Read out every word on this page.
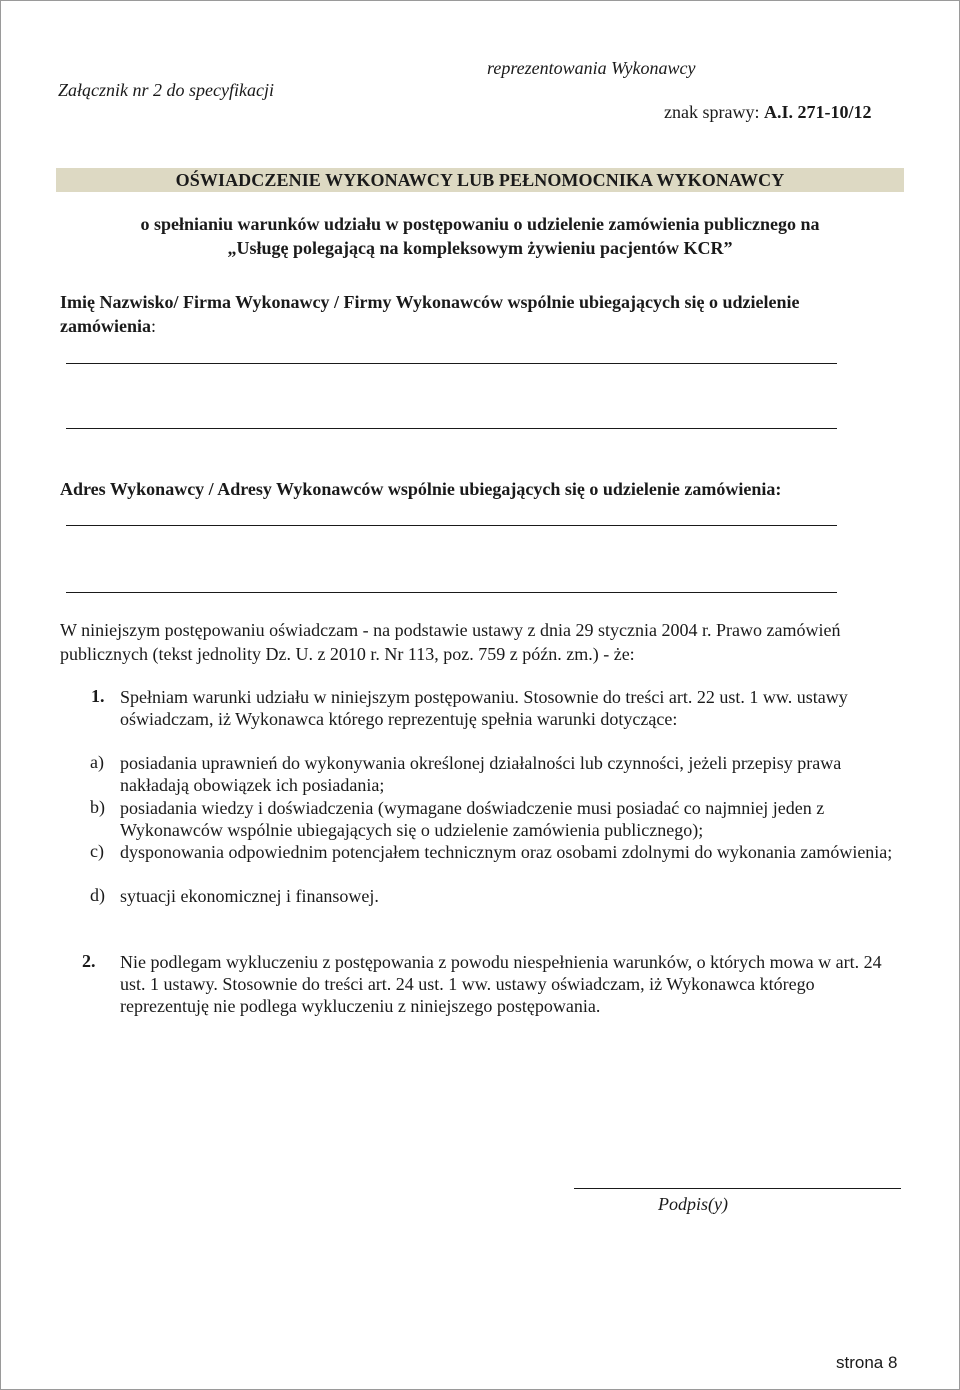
reprezentowania Wykonawcy
Załącznik nr 2 do specyfikacji
znak sprawy: A.I. 271-10/12
OŚWIADCZENIE WYKONAWCY LUB PEŁNOMOCNIKA WYKONAWCY
o spełnianiu warunków udziału w postępowaniu o udzielenie zamówienia publicznego na
„Usługę polegającą na kompleksowym żywieniu pacjentów KCR”
Imię Nazwisko/ Firma Wykonawcy / Firmy Wykonawców wspólnie ubiegających się o udzielenie
zamówienia:
Adres Wykonawcy / Adresy Wykonawców wspólnie ubiegających się o udzielenie zamówienia:
W niniejszym postępowaniu oświadczam - na podstawie ustawy z dnia 29 stycznia 2004 r. Prawo zamówień
publicznych (tekst jednolity Dz. U. z 2010 r. Nr 113, poz. 759 z późn. zm.) - że:
1. Spełniam warunki udziału w niniejszym postępowaniu. Stosownie do treści art. 22 ust. 1 ww. ustawy oświadczam, iż Wykonawca którego reprezentuję spełnia warunki dotyczące:
a) posiadania uprawnień do wykonywania określonej działalności lub czynności, jeżeli przepisy prawa nakładają obowiązek ich posiadania;
b) posiadania wiedzy i doświadczenia (wymagane doświadczenie musi posiadać co najmniej jeden z Wykonawców wspólnie ubiegających się o udzielenie zamówienia publicznego);
c) dysponowania odpowiednim potencjałem technicznym oraz osobami zdolnymi do wykonania zamówienia;
d) sytuacji ekonomicznej i finansowej.
2. Nie podlegam wykluczeniu z postępowania z powodu niespełnienia warunków, o których mowa w art. 24 ust. 1 ustawy. Stosownie do treści art. 24 ust. 1 ww. ustawy oświadczam, iż Wykonawca którego reprezentuję nie podlega wykluczeniu z niniejszego postępowania.
Podpis(y)
strona 8
